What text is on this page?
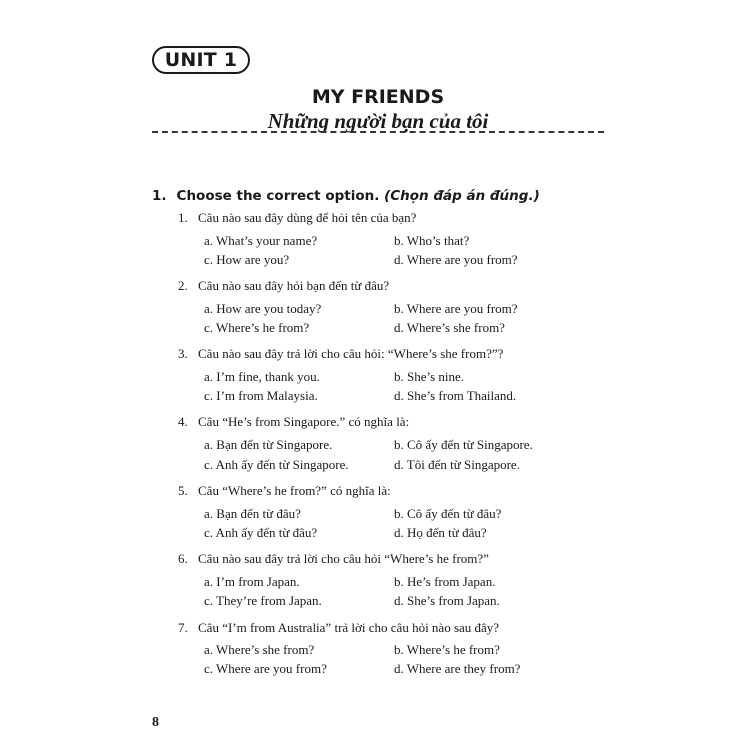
UNIT 1
MY FRIENDS
Những người bạn của tôi
1. Choose the correct option. (Chọn đáp án đúng.)
1. Câu nào sau đây dùng để hỏi tên của bạn?
a. What’s your name?	b. Who’s that?
c. How are you?	d. Where are you from?
2. Câu nào sau đây hỏi bạn đến từ đâu?
a. How are you today?	b. Where are you from?
c. Where’s he from?	d. Where’s she from?
3. Câu nào sau đây trả lời cho câu hỏi: “Where’s she from?”?
a. I’m fine, thank you.	b. She’s nine.
c. I’m from Malaysia.	d. She’s from Thailand.
4. Câu “He’s from Singapore.” có nghĩa là:
a. Bạn đến từ Singapore.	b. Cô ấy đến từ Singapore.
c. Anh ấy đến từ Singapore.	d. Tôi đến từ Singapore.
5. Câu “Where’s he from?” có nghĩa là:
a. Bạn đến từ đâu?	b. Cô ấy đến từ đâu?
c. Anh ấy đến từ đâu?	d. Họ đến từ đâu?
6. Câu nào sau đây trả lời cho câu hỏi “Where’s he from?”
a. I’m from Japan.	b. He’s from Japan.
c. They’re from Japan.	d. She’s from Japan.
7. Câu “I’m from Australia” trả lời cho câu hỏi nào sau đây?
a. Where’s she from?	b. Where’s he from?
c. Where are you from?	d. Where are they from?
8
